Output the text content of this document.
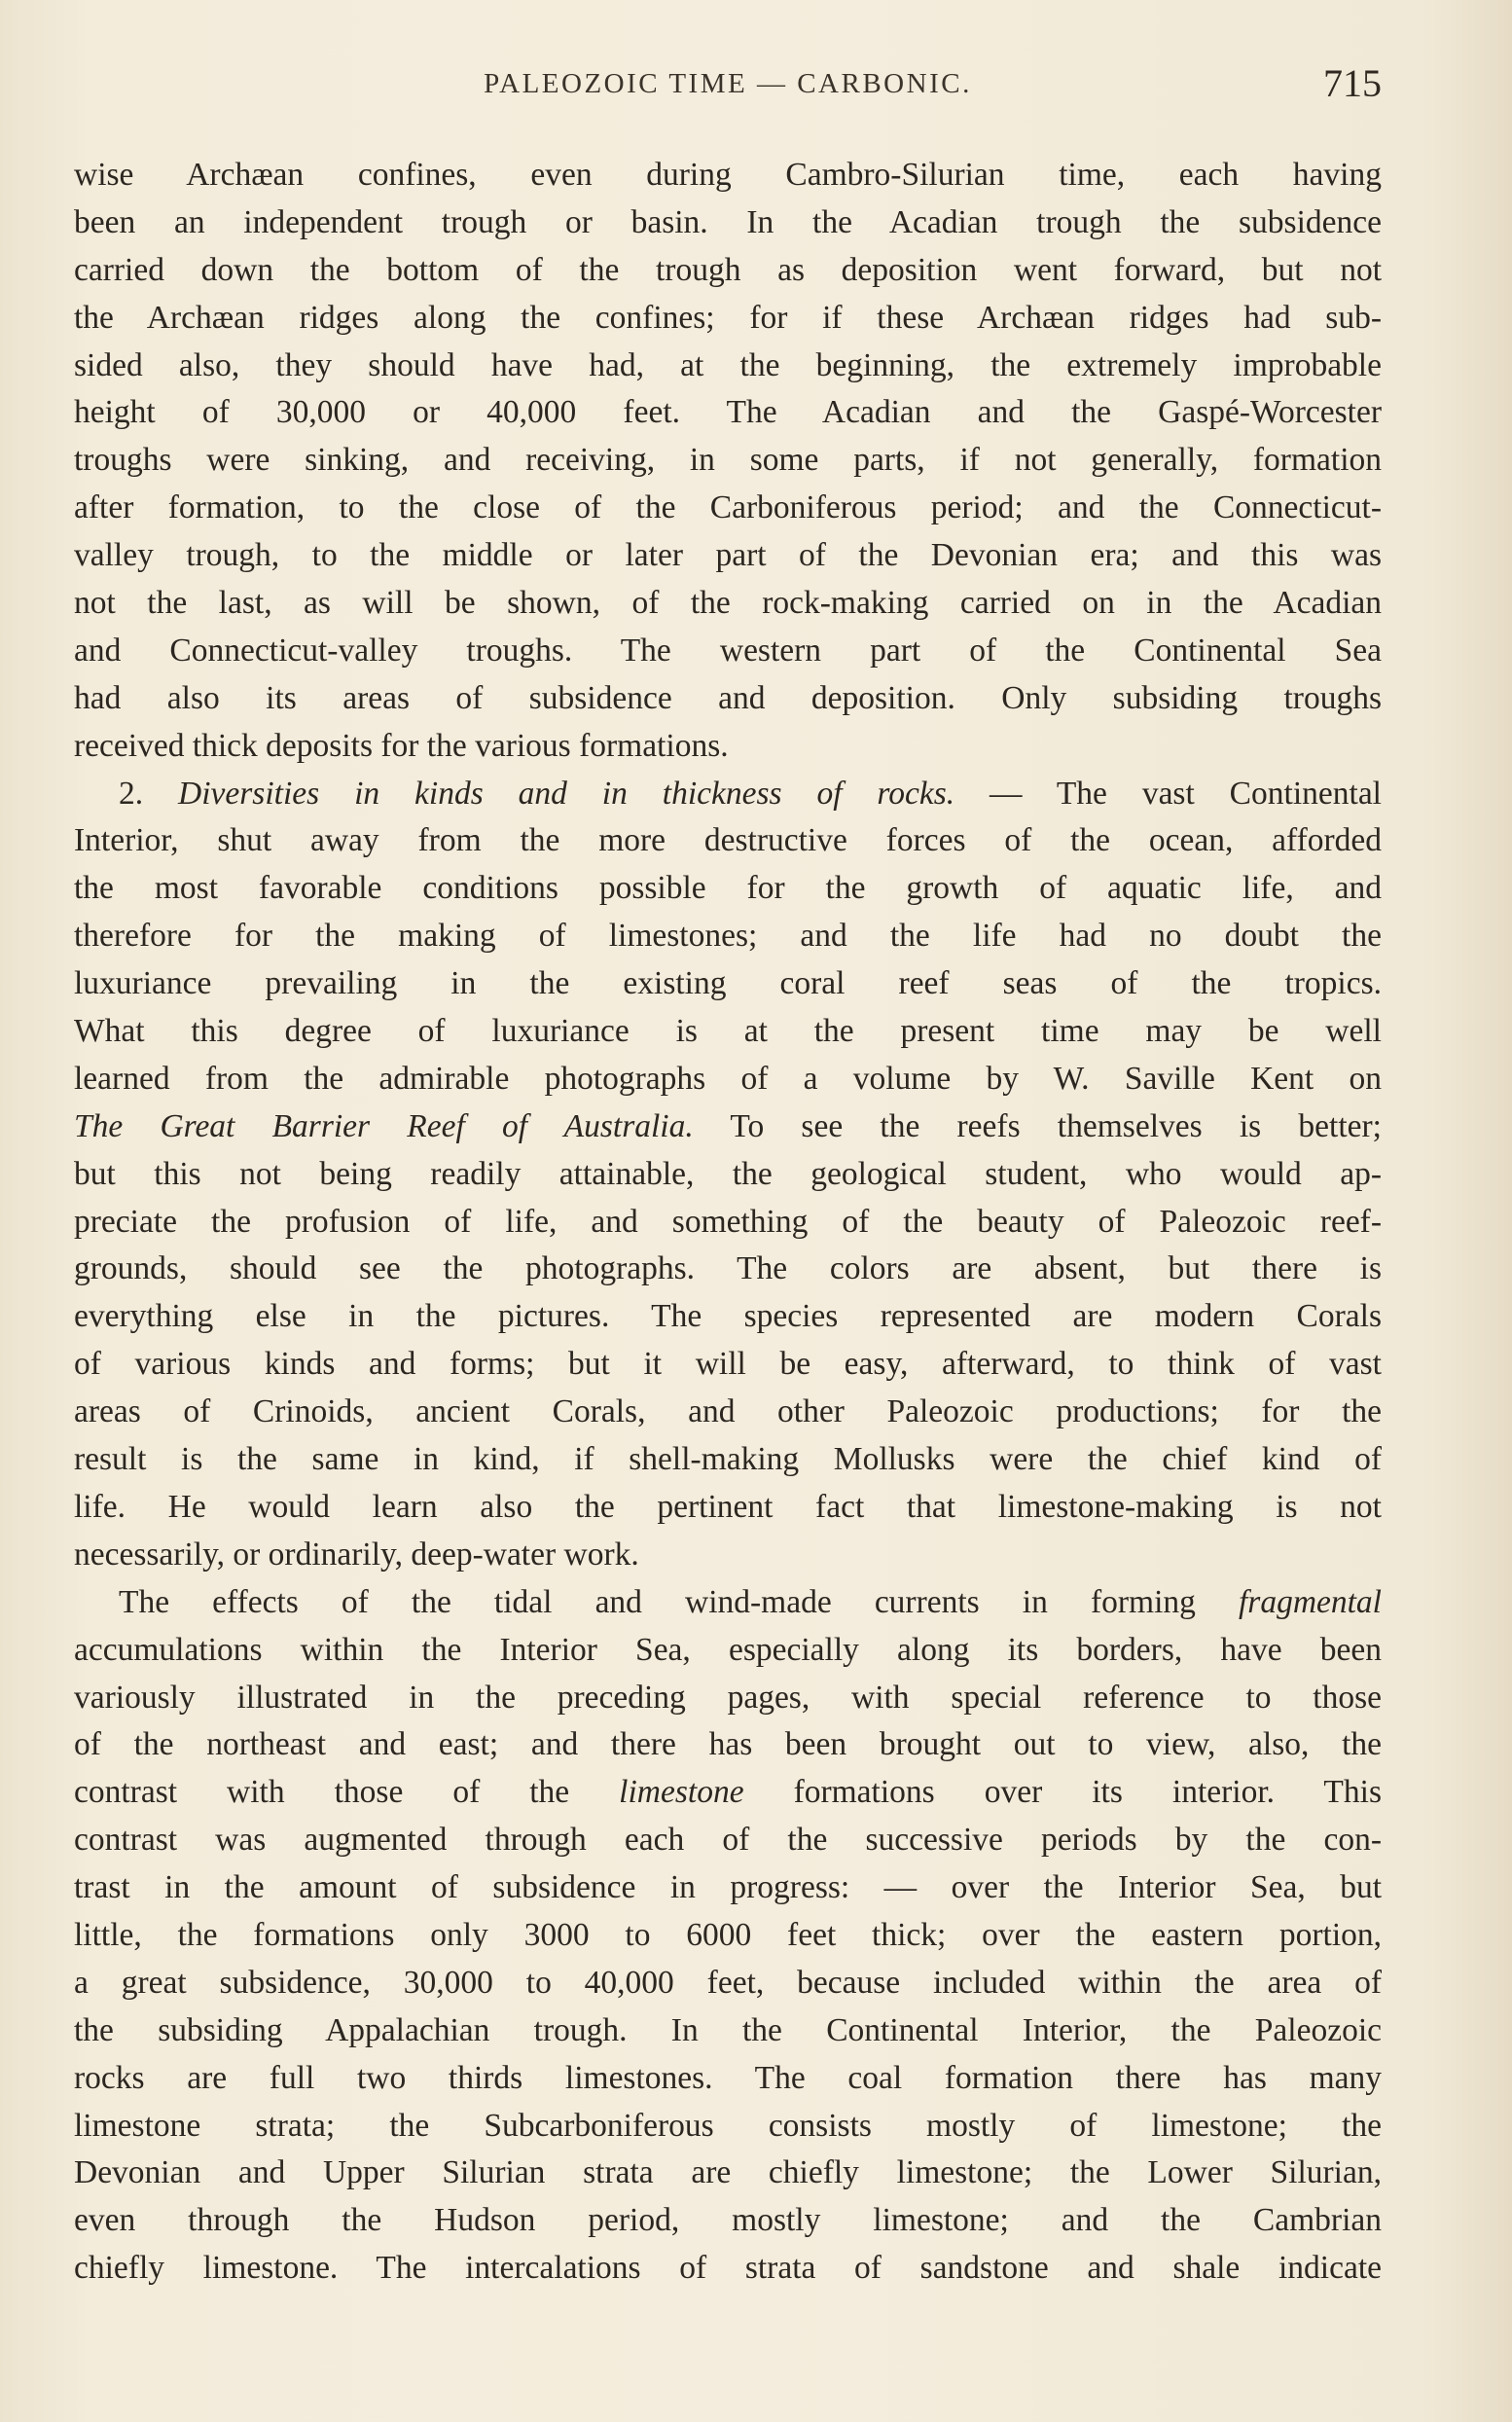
PALEOZOIC TIME — CARBONIC.	715
wise Archæan confines, even during Cambro-Silurian time, each having
been an independent trough or basin. In the Acadian trough the subsidence
carried down the bottom of the trough as deposition went forward, but not
the Archæan ridges along the confines; for if these Archæan ridges had sub-
sided also, they should have had, at the beginning, the extremely improbable
height of 30,000 or 40,000 feet. The Acadian and the Gaspé-Worcester
troughs were sinking, and receiving, in some parts, if not generally, formation
after formation, to the close of the Carboniferous period; and the Connecticut-
valley trough, to the middle or later part of the Devonian era; and this was
not the last, as will be shown, of the rock-making carried on in the Acadian
and Connecticut-valley troughs. The western part of the Continental Sea
had also its areas of subsidence and deposition. Only subsiding troughs
received thick deposits for the various formations.
2. Diversities in kinds and in thickness of rocks. — The vast Continental
Interior, shut away from the more destructive forces of the ocean, afforded
the most favorable conditions possible for the growth of aquatic life, and
therefore for the making of limestones; and the life had no doubt the
luxuriance prevailing in the existing coral reef seas of the tropics.
What this degree of luxuriance is at the present time may be well
learned from the admirable photographs of a volume by W. Saville Kent on
The Great Barrier Reef of Australia. To see the reefs themselves is better;
but this not being readily attainable, the geological student, who would ap-
preciate the profusion of life, and something of the beauty of Paleozoic reef-
grounds, should see the photographs. The colors are absent, but there is
everything else in the pictures. The species represented are modern Corals
of various kinds and forms; but it will be easy, afterward, to think of vast
areas of Crinoids, ancient Corals, and other Paleozoic productions; for the
result is the same in kind, if shell-making Mollusks were the chief kind of
life. He would learn also the pertinent fact that limestone-making is not
necessarily, or ordinarily, deep-water work.
The effects of the tidal and wind-made currents in forming fragmental
accumulations within the Interior Sea, especially along its borders, have been
variously illustrated in the preceding pages, with special reference to those
of the northeast and east; and there has been brought out to view, also, the
contrast with those of the limestone formations over its interior. This
contrast was augmented through each of the successive periods by the con-
trast in the amount of subsidence in progress: — over the Interior Sea, but
little, the formations only 3000 to 6000 feet thick; over the eastern portion,
a great subsidence, 30,000 to 40,000 feet, because included within the area of
the subsiding Appalachian trough. In the Continental Interior, the Paleozoic
rocks are full two thirds limestones. The coal formation there has many
limestone strata; the Subcarboniferous consists mostly of limestone; the
Devonian and Upper Silurian strata are chiefly limestone; the Lower Silurian,
even through the Hudson period, mostly limestone; and the Cambrian
chiefly limestone. The intercalations of strata of sandstone and shale indicate
